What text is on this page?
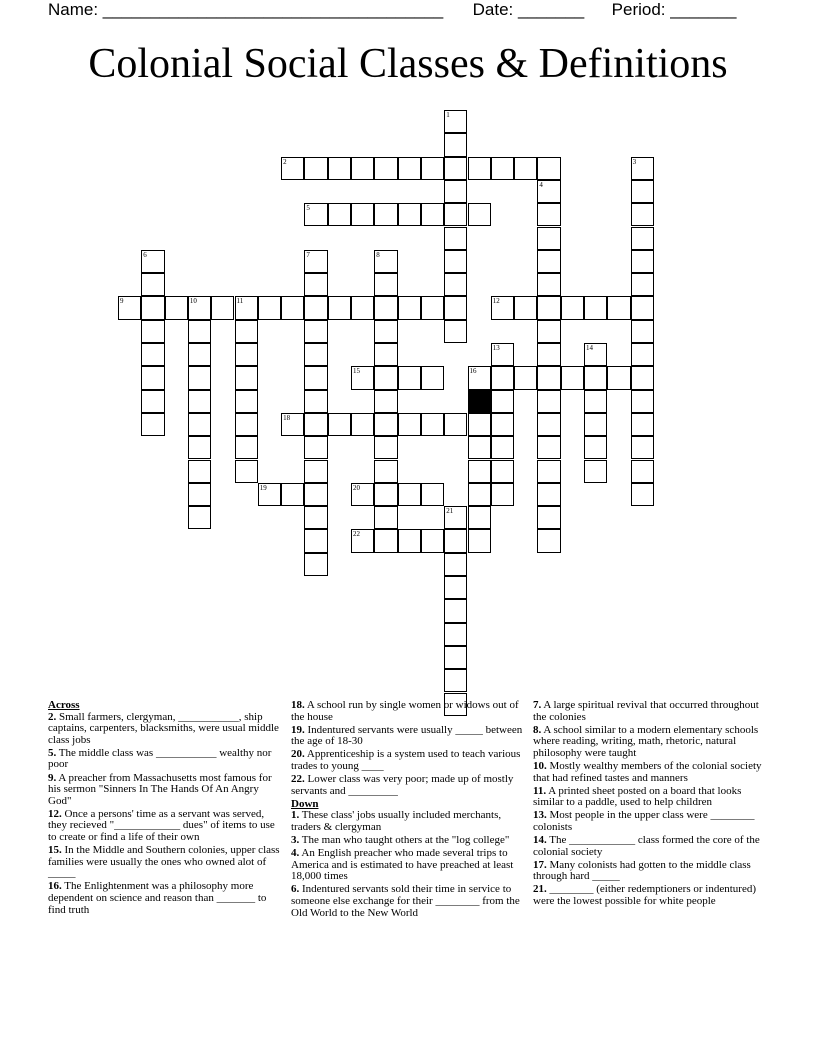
Name: ____________________________________ Date: _______ Period: _______
Colonial Social Classes & Definitions
2
5
9	10	11	12
15	16
18
19	20
22
1
3
4
6	7	8
13	14
21
Across
2. Small farmers, clergyman, ___________, ship captains, carpenters, blacksmiths, were usual middle class jobs
5. The middle class was ___________ wealthy nor poor
9. A preacher from Massachusetts most famous for his sermon "Sinners In The Hands Of An Angry God"
12. Once a persons' time as a servant was served, they recieved "____________ dues" of items to use to create or find a life of their own
15. In the Middle and Southern colonies, upper class families were usually the ones who owned alot of _____
16. The Enlightenment was a philosophy more dependent on science and reason than _______ to find truth
18. A school run by single women or widows out of the house
19. Indentured servants were usually _____ between the age of 18-30
20. Apprenticeship is a system used to teach various trades to young ____
22. Lower class was very poor; made up of mostly servants and _________
Down
1. These class' jobs usually included merchants, traders & clergyman
3. The man who taught others at the "log college"
4. An English preacher who made several trips to America and is estimated to have preached at least 18,000 times
6. Indentured servants sold their time in service to someone else exchange for their ________ from the Old World to the New World
7. A large spiritual revival that occurred throughout the colonies
8. A school similar to a modern elementary schools where reading, writing, math, rhetoric, natural philosophy were taught
10. Mostly wealthy members of the colonial society that had refined tastes and manners
11. A printed sheet posted on a board that looks similar to a paddle, used to help children
13. Most people in the upper class were ________ colonists
14. The ____________ class formed the core of the colonial society
17. Many colonists had gotten to the middle class through hard _____
21. ________ (either redemptioners or indentured) were the lowest possible for white people
